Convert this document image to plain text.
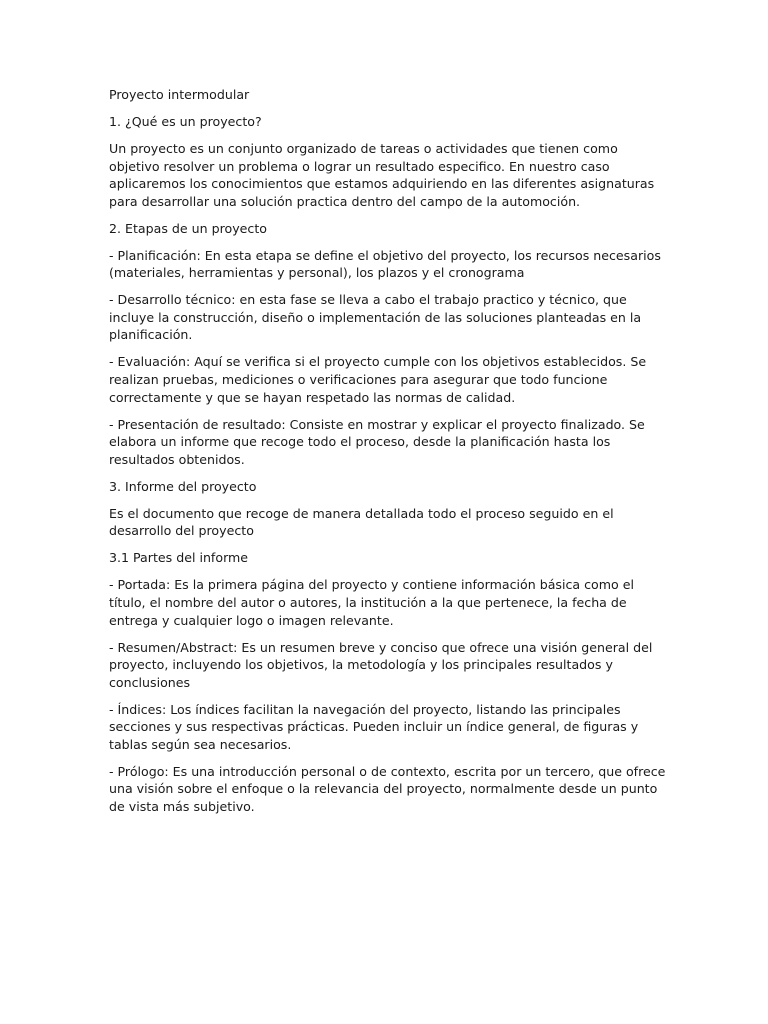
Proyecto intermodular

1. ¿Qué es un proyecto?

Un proyecto es un conjunto organizado de tareas o actividades que tienen como objetivo resolver un problema o lograr un resultado especifico. En nuestro caso aplicaremos los conocimientos que estamos adquiriendo en las diferentes asignaturas para desarrollar una solución practica dentro del campo de la automoción.

2. Etapas de un proyecto

- Planificación: En esta etapa se define el objetivo del proyecto, los recursos necesarios (materiales, herramientas y personal), los plazos y el cronograma

- Desarrollo técnico: en esta fase se lleva a cabo el trabajo practico y técnico, que incluye la construcción, diseño o implementación de las soluciones planteadas en la planificación.

- Evaluación: Aquí se verifica si el proyecto cumple con los objetivos establecidos. Se realizan pruebas, mediciones o verificaciones para asegurar que todo funcione correctamente y que se hayan respetado las normas de calidad.

- Presentación de resultado: Consiste en mostrar y explicar el proyecto finalizado. Se elabora un informe que recoge todo el proceso, desde la planificación hasta los resultados obtenidos.

3. Informe del proyecto

Es el documento que recoge de manera detallada todo el proceso seguido en el desarrollo del proyecto

3.1 Partes del informe

- Portada: Es la primera página del proyecto y contiene información básica como el título, el nombre del autor o autores, la institución a la que pertenece, la fecha de entrega y cualquier logo o imagen relevante.

- Resumen/Abstract: Es un resumen breve y conciso que ofrece una visión general del proyecto, incluyendo los objetivos, la metodología y los principales resultados y conclusiones

- Índices: Los índices facilitan la navegación del proyecto, listando las principales secciones y sus respectivas prácticas. Pueden incluir un índice general, de figuras y tablas según sea necesarios.

- Prólogo: Es una introducción personal o de contexto, escrita por un tercero, que ofrece una visión sobre el enfoque o la relevancia del proyecto, normalmente desde un punto de vista más subjetivo.
